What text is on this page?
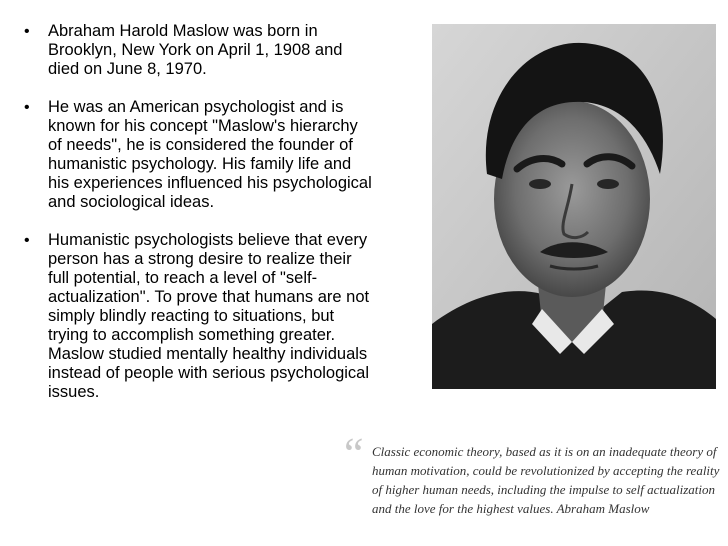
• Abraham Harold Maslow was born in Brooklyn, New York on April 1, 1908 and died on June 8, 1970.
• He was an American psychologist and is known for his concept "Maslow's hierarchy of needs", he is considered the founder of humanistic psychology. His family life and his experiences influenced his psychological and sociological ideas.
• Humanistic psychologists believe that every person has a strong desire to realize their full potential, to reach a level of "self-actualization". To prove that humans are not simply blindly reacting to situations, but trying to accomplish something greater. Maslow studied mentally healthy individuals instead of people with serious psychological issues.
“ Classic economic theory, based as it is on an inadequate theory of human motivation, could be revolutionized by accepting the reality of higher human needs, including the impulse to self actualization and the love for the highest values. Abraham Maslow
